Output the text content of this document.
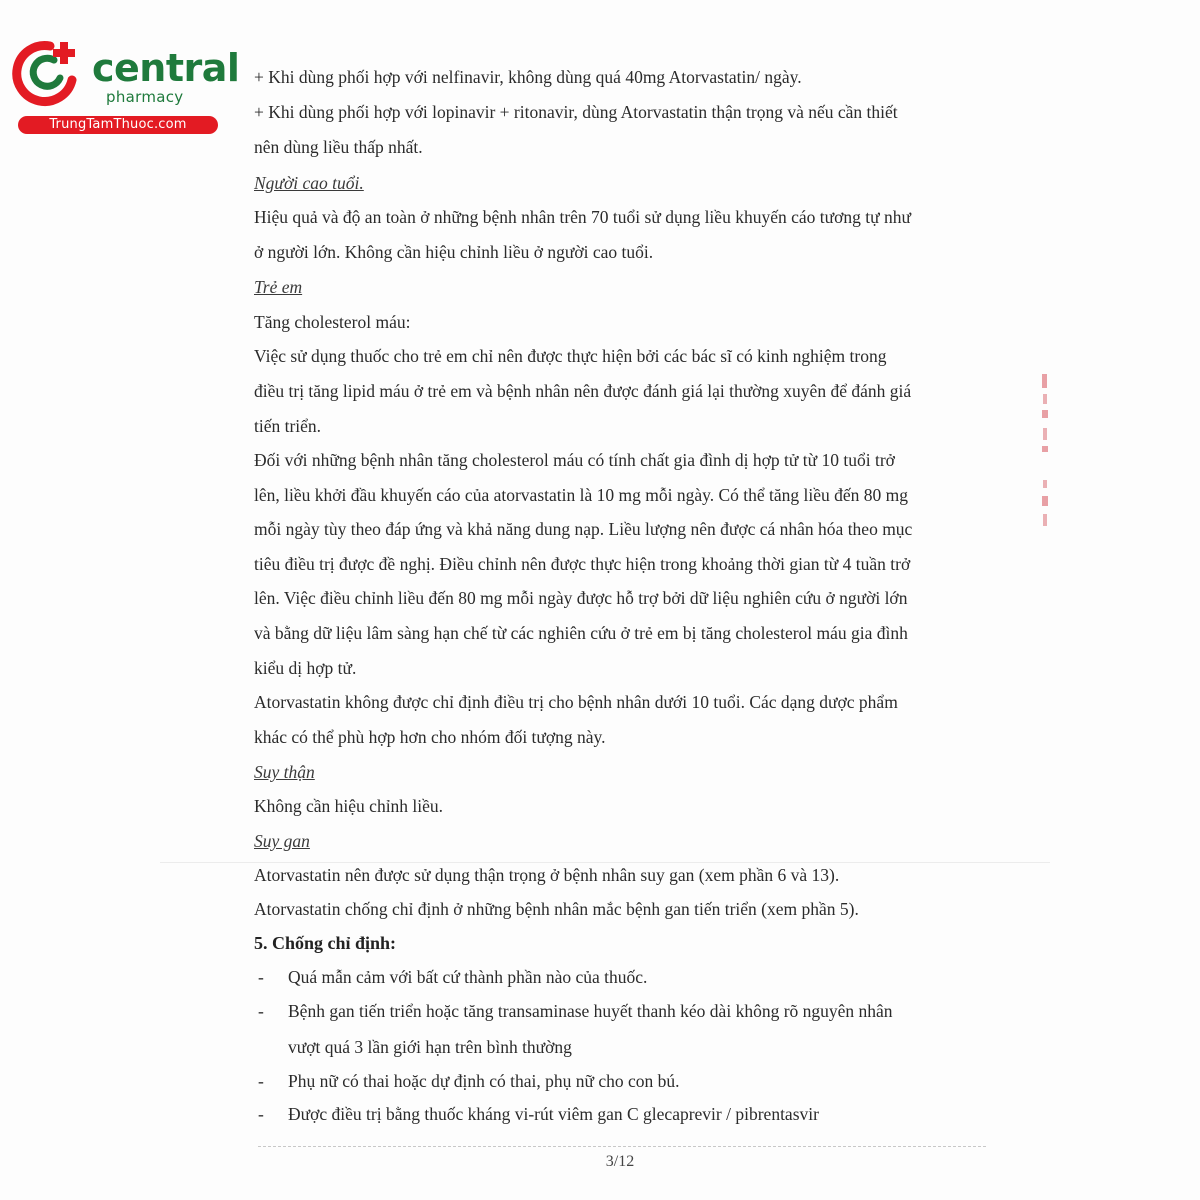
central
pharmacy
TrungTamThuoc.com
+ Khi dùng phối hợp với nelfinavir, không dùng quá 40mg Atorvastatin/ ngày.
+ Khi dùng phối hợp với lopinavir + ritonavir, dùng Atorvastatin thận trọng và nếu cần thiết
nên dùng liều thấp nhất.
Người cao tuổi.
Hiệu quả và độ an toàn ở những bệnh nhân trên 70 tuổi sử dụng liều khuyến cáo tương tự như
ở người lớn. Không cần hiệu chỉnh liều ở người cao tuổi.
Trẻ em
Tăng cholesterol máu:
Việc sử dụng thuốc cho trẻ em chỉ nên được thực hiện bởi các bác sĩ có kinh nghiệm trong
điều trị tăng lipid máu ở trẻ em và bệnh nhân nên được đánh giá lại thường xuyên để đánh giá
tiến triển.
Đối với những bệnh nhân tăng cholesterol máu có tính chất gia đình dị hợp tử từ 10 tuổi trở
lên, liều khởi đầu khuyến cáo của atorvastatin là 10 mg mỗi ngày. Có thể tăng liều đến 80 mg
mỗi ngày tùy theo đáp ứng và khả năng dung nạp. Liều lượng nên được cá nhân hóa theo mục
tiêu điều trị được đề nghị. Điều chỉnh nên được thực hiện trong khoảng thời gian từ 4 tuần trở
lên. Việc điều chỉnh liều đến 80 mg mỗi ngày được hỗ trợ bởi dữ liệu nghiên cứu ở người lớn
và bằng dữ liệu lâm sàng hạn chế từ các nghiên cứu ở trẻ em bị tăng cholesterol máu gia đình
kiểu dị hợp tử.
Atorvastatin không được chỉ định điều trị cho bệnh nhân dưới 10 tuổi. Các dạng dược phẩm
khác có thể phù hợp hơn cho nhóm đối tượng này.
Suy thận
Không cần hiệu chỉnh liều.
Suy gan
Atorvastatin nên được sử dụng thận trọng ở bệnh nhân suy gan (xem phần 6 và 13).
Atorvastatin chống chỉ định ở những bệnh nhân mắc bệnh gan tiến triển (xem phần 5).
5. Chống chỉ định:
- Quá mẫn cảm với bất cứ thành phần nào của thuốc.
- Bệnh gan tiến triển hoặc tăng transaminase huyết thanh kéo dài không rõ nguyên nhân
vượt quá 3 lần giới hạn trên bình thường
- Phụ nữ có thai hoặc dự định có thai, phụ nữ cho con bú.
- Được điều trị bằng thuốc kháng vi-rút viêm gan C glecaprevir / pibrentasvir
3/12
